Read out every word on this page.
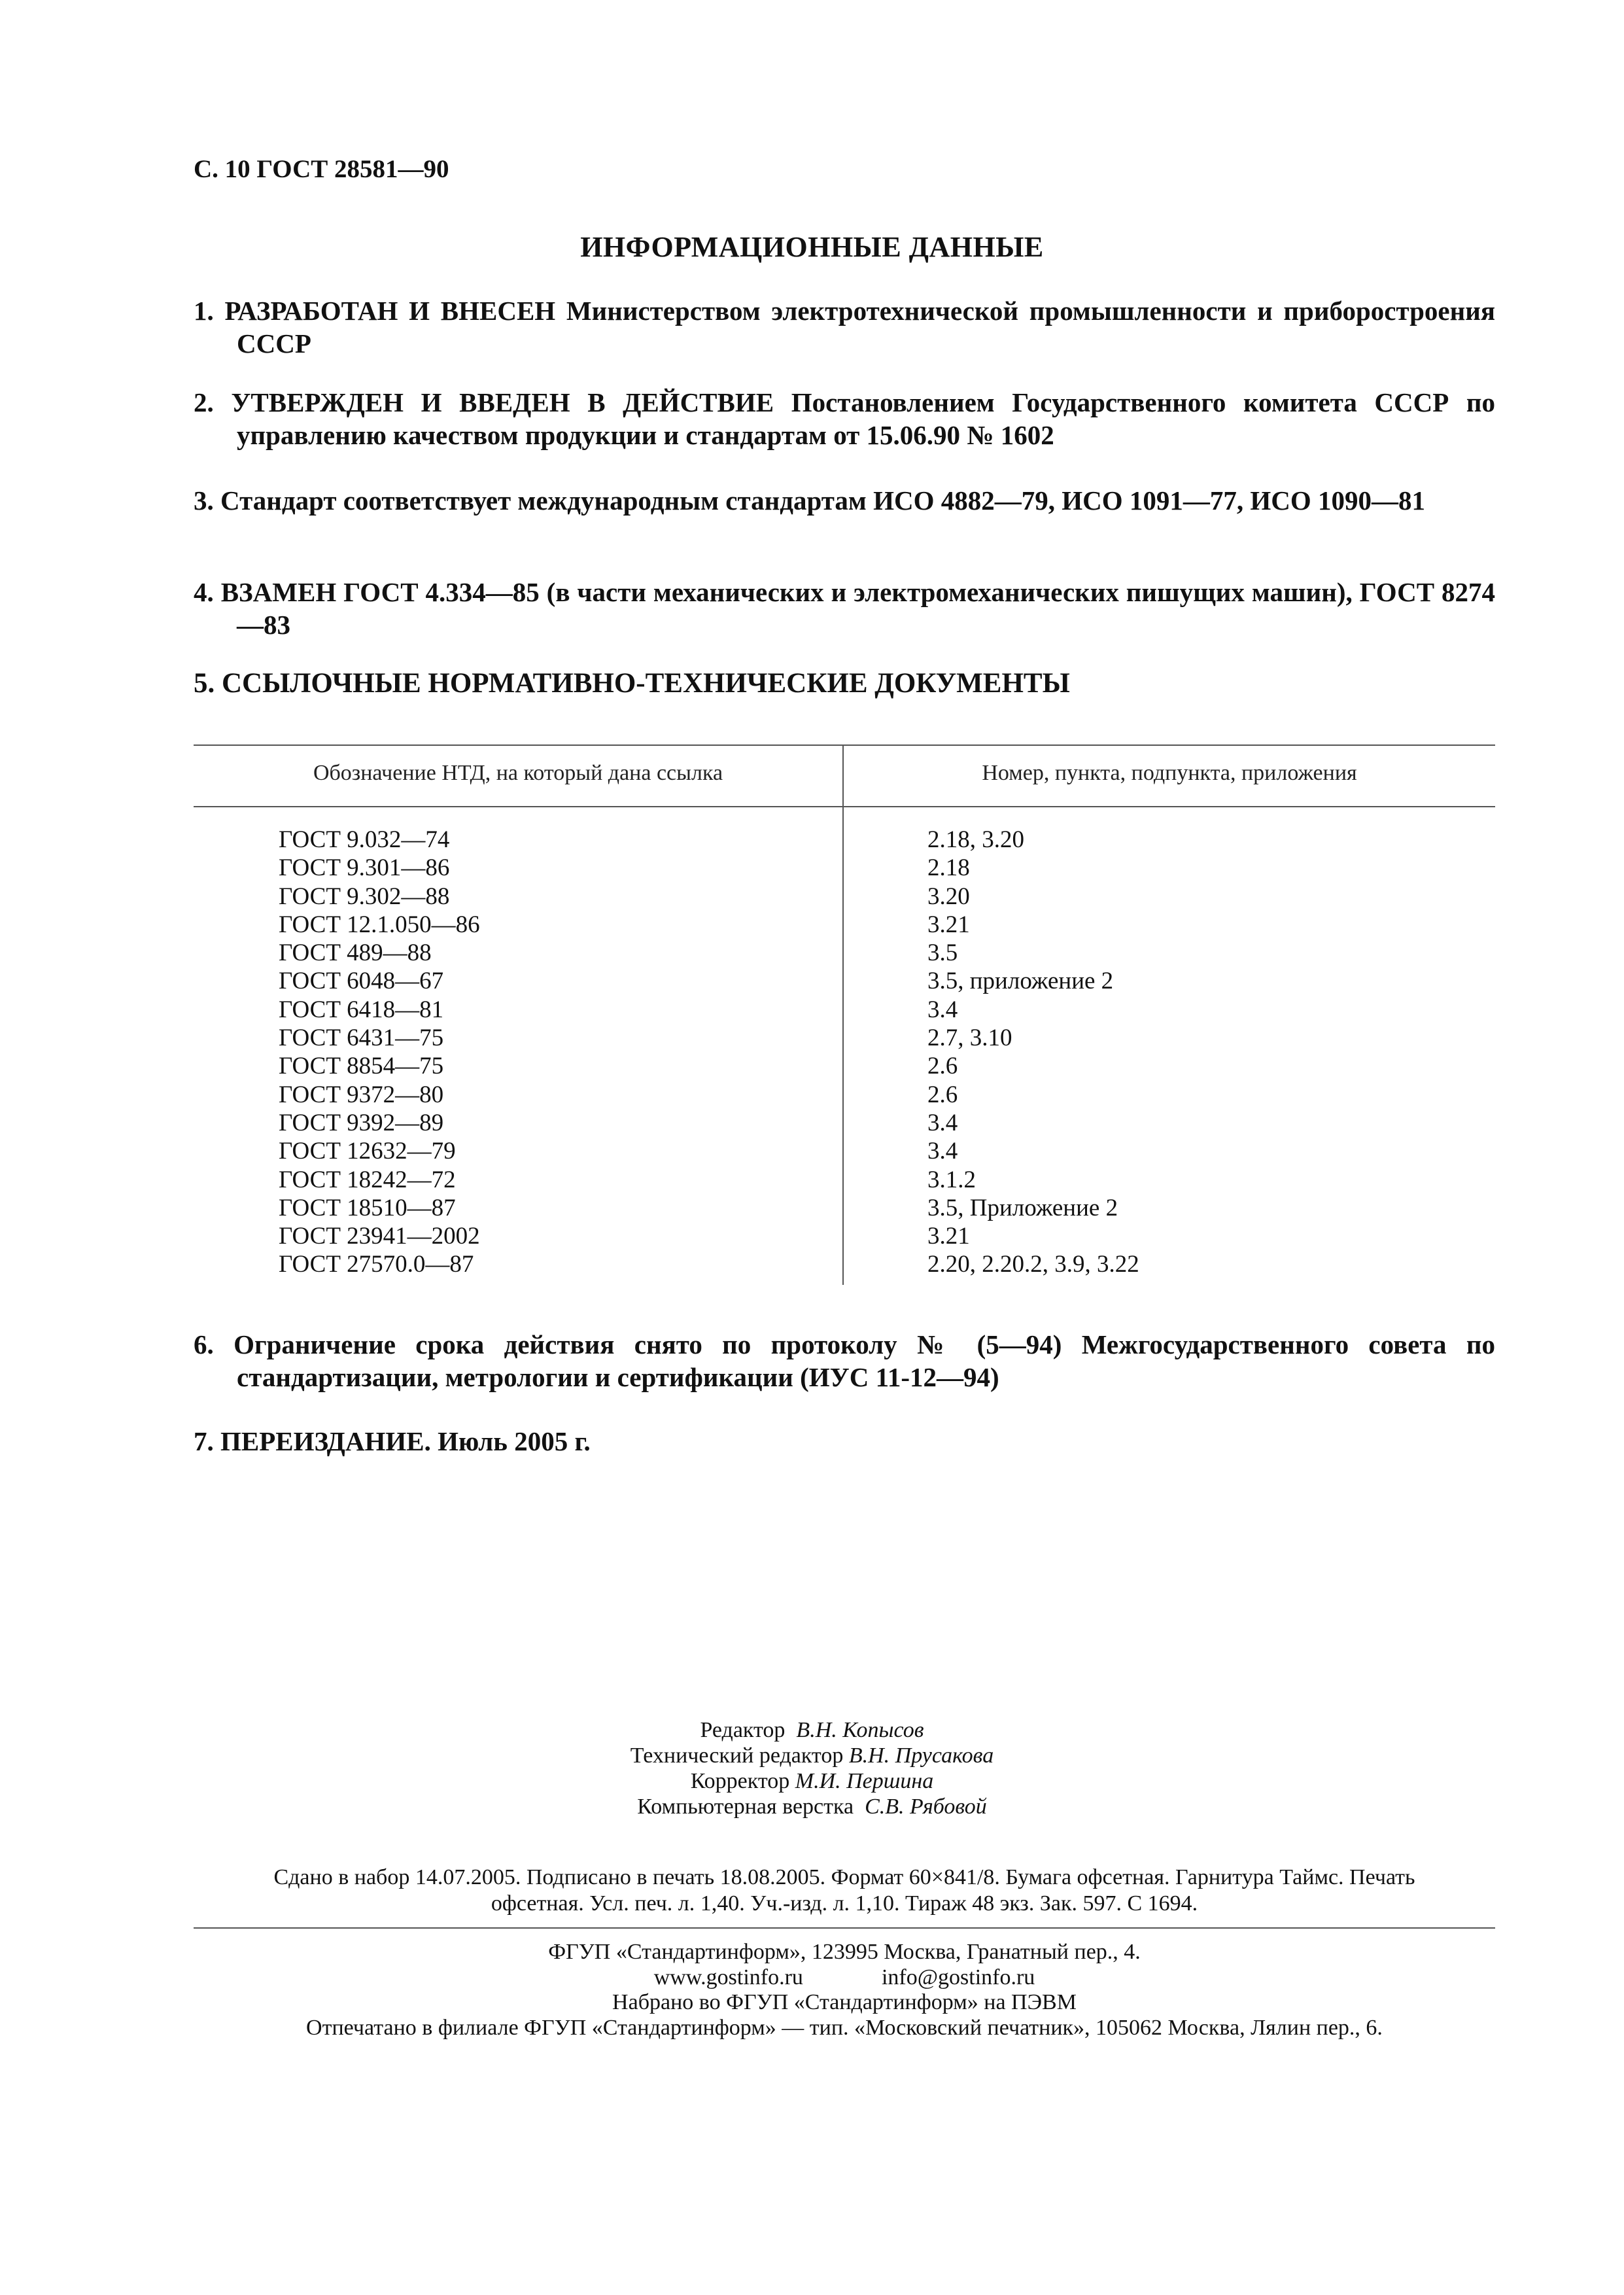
С. 10 ГОСТ 28581—90
ИНФОРМАЦИОННЫЕ ДАННЫЕ
1. РАЗРАБОТАН И ВНЕСЕН Министерством электротехнической промышленности и приборостроения СССР
2. УТВЕРЖДЕН И ВВЕДЕН В ДЕЙСТВИЕ Постановлением Государственного комитета СССР по управлению качеством продукции и стандартам от 15.06.90 № 1602
3. Стандарт соответствует международным стандартам ИСО 4882—79, ИСО 1091—77, ИСО 1090—81
4. ВЗАМЕН ГОСТ 4.334—85 (в части механических и электромеханических пишущих машин), ГОСТ 8274—83
5. ССЫЛОЧНЫЕ НОРМАТИВНО-ТЕХНИЧЕСКИЕ ДОКУМЕНТЫ
Обозначение НТД, на который дана ссылка	Номер, пункта, подпункта, приложения
ГОСТ 9.032—74
ГОСТ 9.301—86
ГОСТ 9.302—88
ГОСТ 12.1.050—86
ГОСТ 489—88
ГОСТ 6048—67
ГОСТ 6418—81
ГОСТ 6431—75
ГОСТ 8854—75
ГОСТ 9372—80
ГОСТ 9392—89
ГОСТ 12632—79
ГОСТ 18242—72
ГОСТ 18510—87
ГОСТ 23941—2002
ГОСТ 27570.0—87
2.18, 3.20
2.18
3.20
3.21
3.5
3.5, приложение 2
3.4
2.7, 3.10
2.6
2.6
3.4
3.4
3.1.2
3.5, Приложение 2
3.21
2.20, 2.20.2, 3.9, 3.22
6. Ограничение срока действия снято по протоколу № (5—94) Межгосударственного совета по стандартизации, метрологии и сертификации (ИУС 11-12—94)
7. ПЕРЕИЗДАНИЕ. Июль 2005 г.
Редактор В.Н. Копысов
Технический редактор В.Н. Прусакова
Корректор М.И. Першина
Компьютерная верстка С.В. Рябовой
Сдано в набор 14.07.2005. Подписано в печать 18.08.2005. Формат 60×841/8. Бумага офсетная. Гарнитура Таймс. Печать
офсетная. Усл. печ. л. 1,40. Уч.-изд. л. 1,10. Тираж 48 экз. Зак. 597. С 1694.
ФГУП «Стандартинформ», 123995 Москва, Гранатный пер., 4.
www.gostinfo.ru	info@gostinfo.ru
Набрано во ФГУП «Стандартинформ» на ПЭВМ
Отпечатано в филиале ФГУП «Стандартинформ» — тип. «Московский печатник», 105062 Москва, Лялин пер., 6.
